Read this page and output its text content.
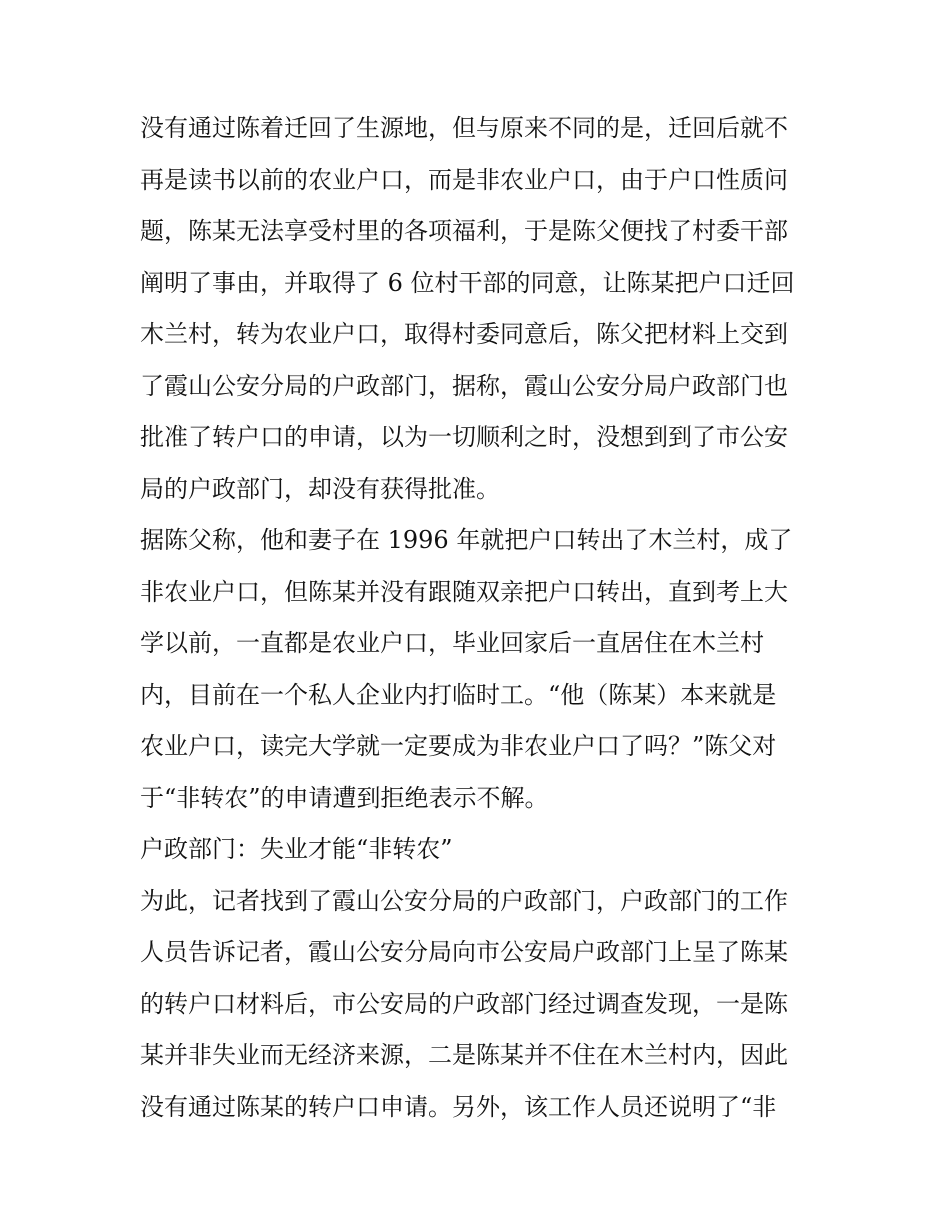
没有通过陈着迁回了生源地，但与原来不同的是，迁回后就不
再是读书以前的农业户口，而是非农业户口，由于户口性质问
题，陈某无法享受村里的各项福利，于是陈父便找了村委干部
阐明了事由，并取得了 6 位村干部的同意，让陈某把户口迁回
木兰村，转为农业户口，取得村委同意后，陈父把材料上交到
了霞山公安分局的户政部门，据称，霞山公安分局户政部门也
批准了转户口的申请，以为一切顺利之时，没想到到了市公安
局的户政部门，却没有获得批准。
据陈父称，他和妻子在 1996 年就把户口转出了木兰村，成了
非农业户口，但陈某并没有跟随双亲把户口转出，直到考上大
学以前，一直都是农业户口，毕业回家后一直居住在木兰村
内，目前在一个私人企业内打临时工。“他（陈某）本来就是
农业户口，读完大学就一定要成为非农业户口了吗？”陈父对
于“非转农”的申请遭到拒绝表示不解。
户政部门：失业才能“非转农”
为此，记者找到了霞山公安分局的户政部门，户政部门的工作
人员告诉记者，霞山公安分局向市公安局户政部门上呈了陈某
的转户口材料后，市公安局的户政部门经过调查发现，一是陈
某并非失业而无经济来源，二是陈某并不住在木兰村内，因此
没有通过陈某的转户口申请。另外，该工作人员还说明了“非
